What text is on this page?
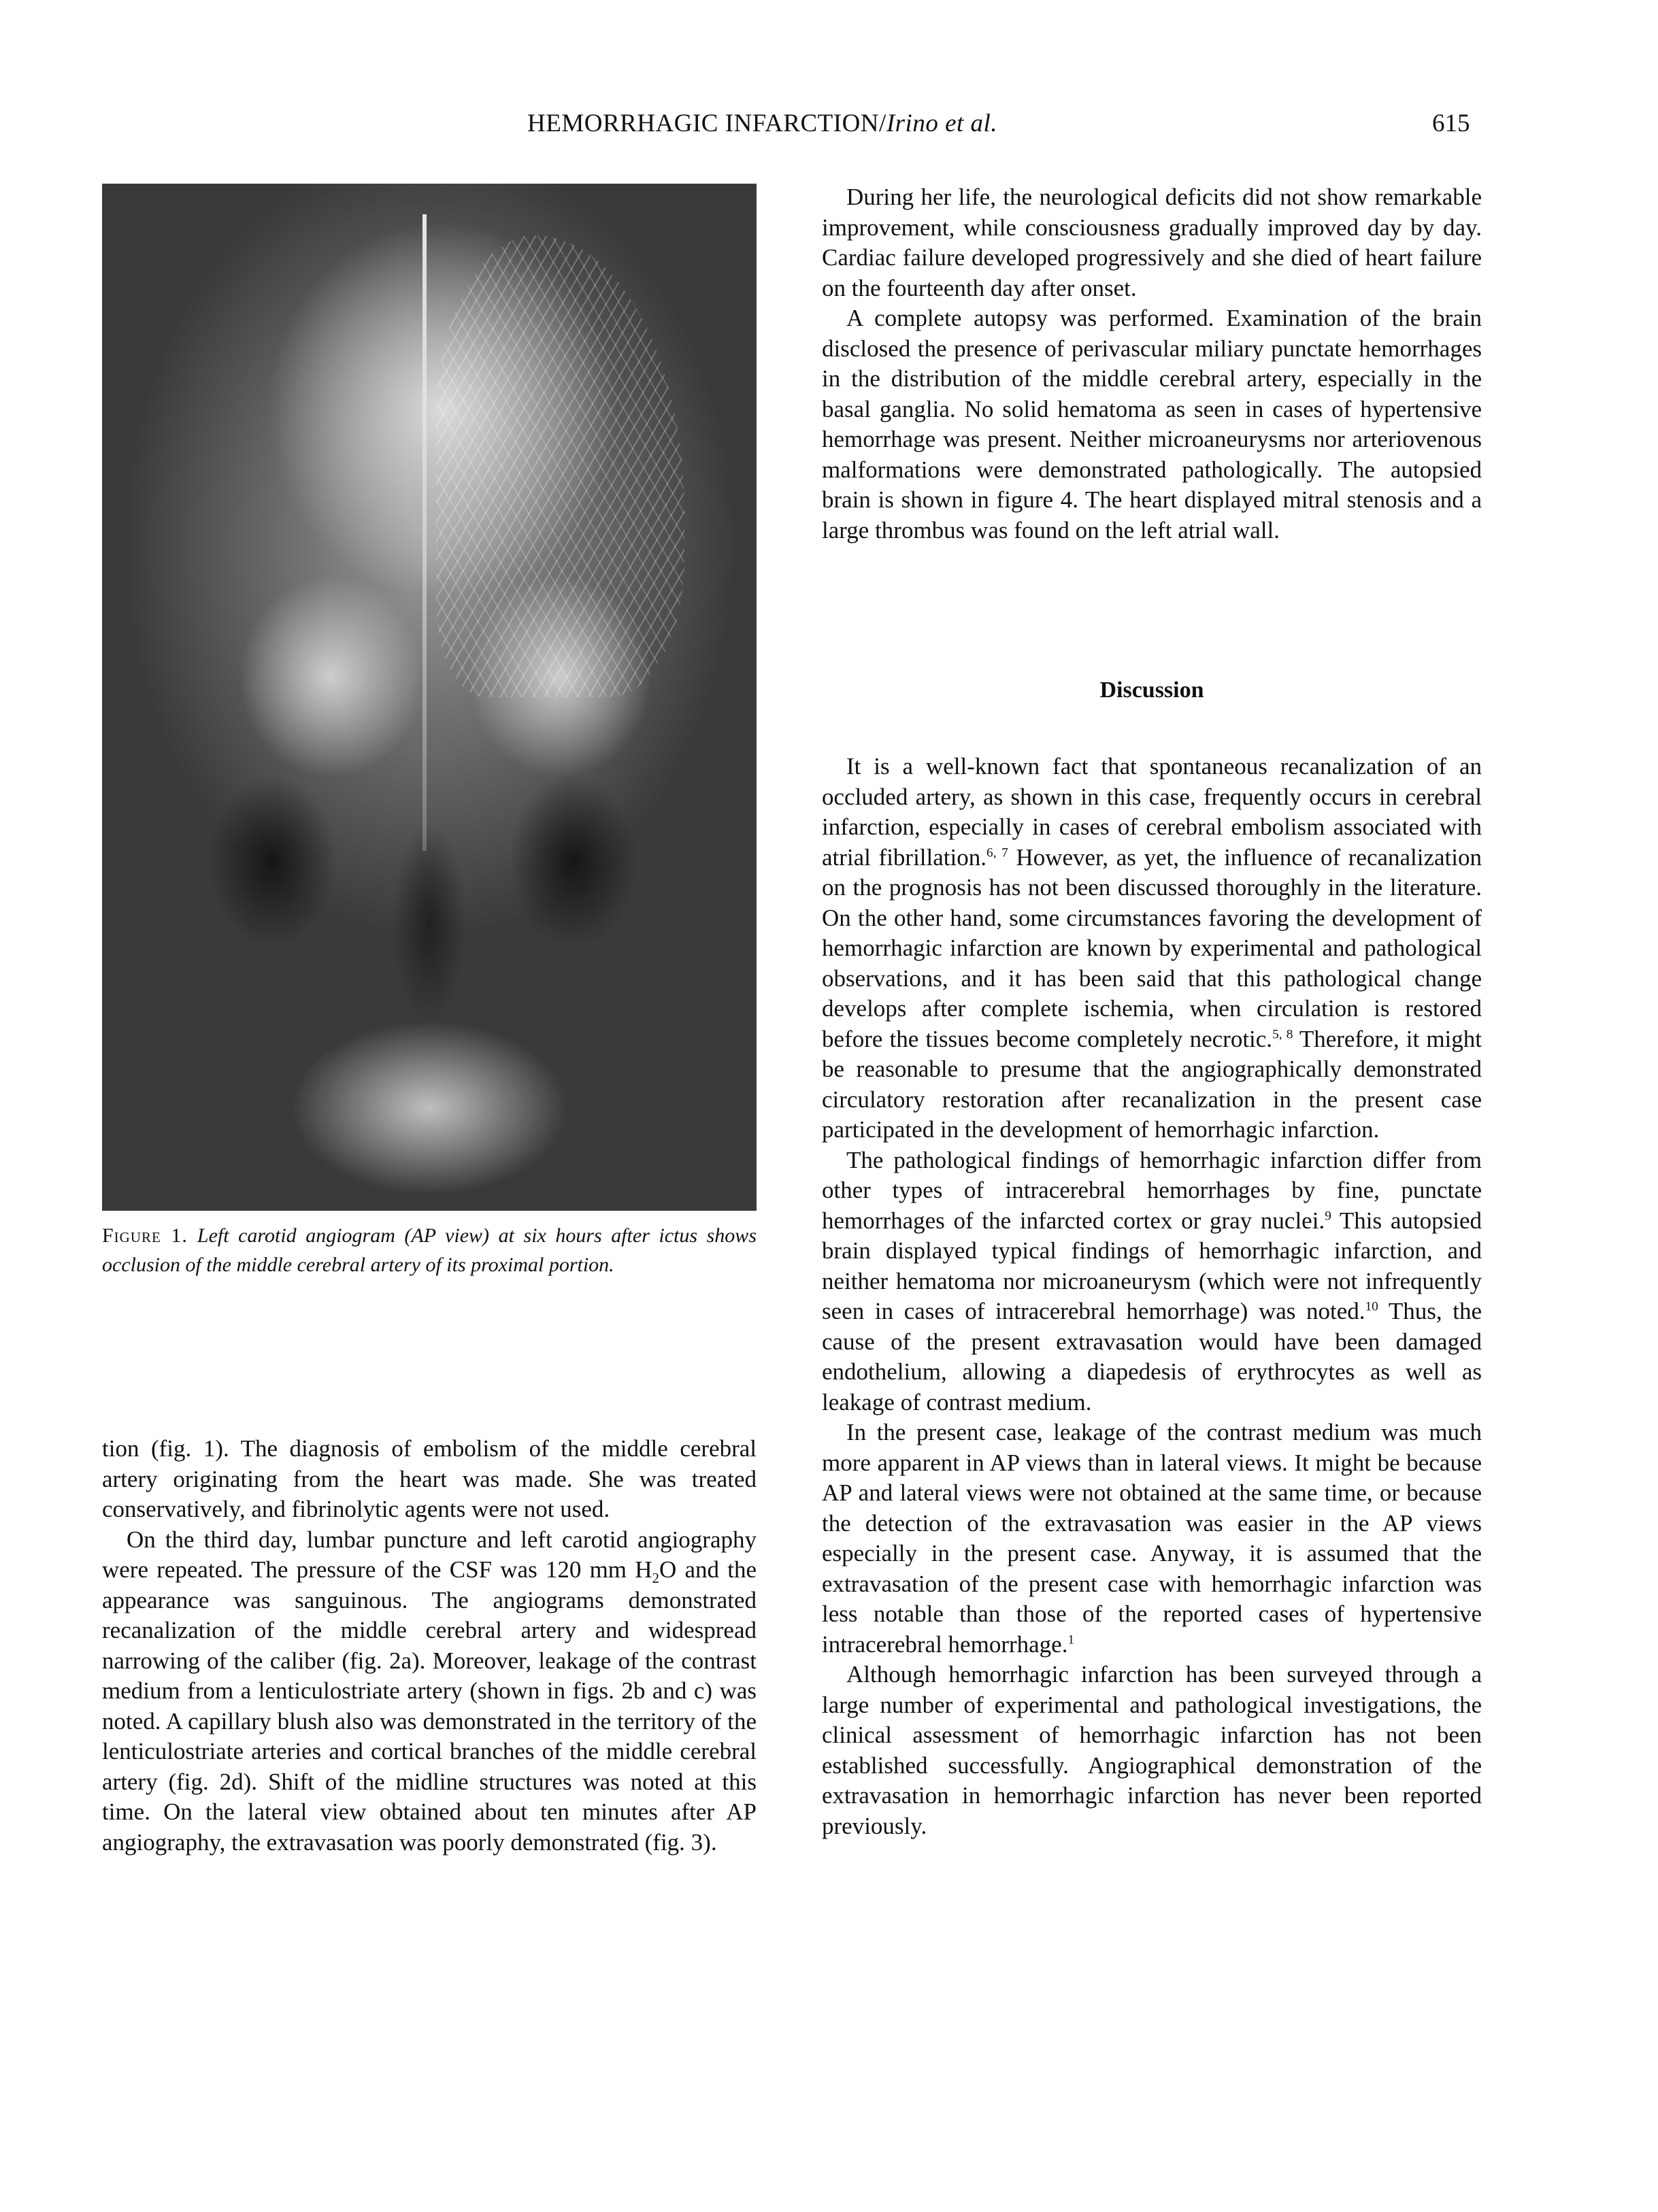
HEMORRHAGIC INFARCTION/Irino et al.	615
Figure 1. Left carotid angiogram (AP view) at six hours after ictus shows occlusion of the middle cerebral artery of its proximal portion.

tion (fig. 1). The diagnosis of embolism of the middle cerebral artery originating from the heart was made. She was treated conservatively, and fibrinolytic agents were not used.

On the third day, lumbar puncture and left carotid angiography were repeated. The pressure of the CSF was 120 mm $H_2O$ and the appearance was sanguinous. The angiograms demonstrated recanalization of the middle cerebral artery and widespread narrowing of the caliber (fig. 2a). Moreover, leakage of the contrast medium from a lenticulostriate artery (shown in figs. 2b and c) was noted. A capillary blush also was demonstrated in the territory of the lenticulostriate arteries and cortical branches of the middle cerebral artery (fig. 2d). Shift of the midline structures was noted at this time. On the lateral view obtained about ten minutes after AP angiography, the extravasation was poorly demonstrated (fig. 3).

During her life, the neurological deficits did not show remarkable improvement, while consciousness gradually improved day by day. Cardiac failure developed progressively and she died of heart failure on the fourteenth day after onset.

A complete autopsy was performed. Examination of the brain disclosed the presence of perivascular miliary punctate hemorrhages in the distribution of the middle cerebral artery, especially in the basal ganglia. No solid hematoma as seen in cases of hypertensive hemorrhage was present. Neither microaneurysms nor arteriovenous malformations were demonstrated pathologically. The autopsied brain is shown in figure 4. The heart displayed mitral stenosis and a large thrombus was found on the left atrial wall.

Discussion

It is a well-known fact that spontaneous recanalization of an occluded artery, as shown in this case, frequently occurs in cerebral infarction, especially in cases of cerebral embolism associated with atrial fibrillation.$^{6, 7}$ However, as yet, the influence of recanalization on the prognosis has not been discussed thoroughly in the literature. On the other hand, some circumstances favoring the development of hemorrhagic infarction are known by experimental and pathological observations, and it has been said that this pathological change develops after complete ischemia, when circulation is restored before the tissues become completely necrotic.$^{5, 8}$ Therefore, it might be reasonable to presume that the angiographically demonstrated circulatory restoration after recanalization in the present case participated in the development of hemorrhagic infarction.

The pathological findings of hemorrhagic infarction differ from other types of intracerebral hemorrhages by fine, punctate hemorrhages of the infarcted cortex or gray nuclei.$^9$ This autopsied brain displayed typical findings of hemorrhagic infarction, and neither hematoma nor microaneurysm (which were not infrequently seen in cases of intracerebral hemorrhage) was noted.$^{10}$ Thus, the cause of the present extravasation would have been damaged endothelium, allowing a diapedesis of erythrocytes as well as leakage of contrast medium.

In the present case, leakage of the contrast medium was much more apparent in AP views than in lateral views. It might be because AP and lateral views were not obtained at the same time, or because the detection of the extravasation was easier in the AP views especially in the present case. Anyway, it is assumed that the extravasation of the present case with hemorrhagic infarction was less notable than those of the reported cases of hypertensive intracerebral hemorrhage.$^1$

Although hemorrhagic infarction has been surveyed through a large number of experimental and pathological investigations, the clinical assessment of hemorrhagic infarction has not been established successfully. Angiographical demonstration of the extravasation in hemorrhagic infarction has never been reported previously.
